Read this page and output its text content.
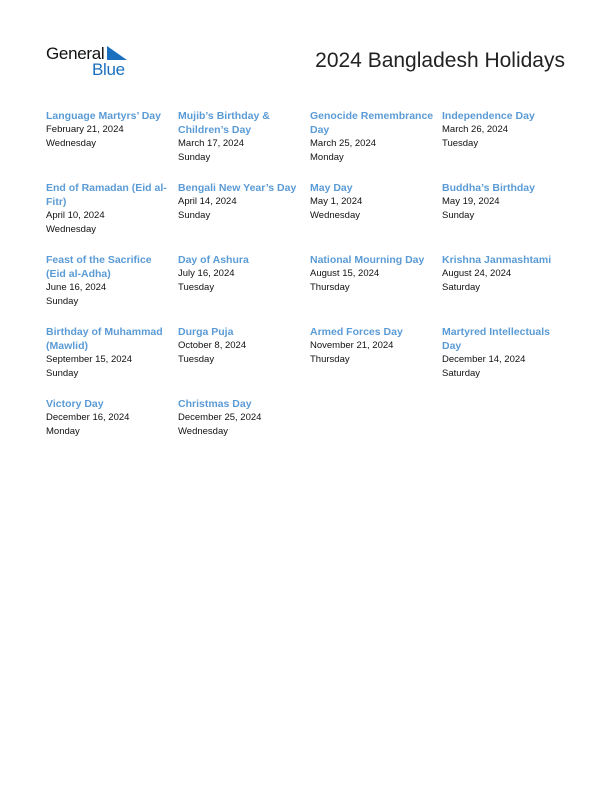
General
Blue	2024 Bangladesh Holidays
Language Martyrs’ Day
February 21, 2024
Wednesday
Mujib’s Birthday & Children’s Day
March 17, 2024
Sunday
Genocide Remembrance Day
March 25, 2024
Monday
Independence Day
March 26, 2024
Tuesday
End of Ramadan (Eid al-Fitr)
April 10, 2024
Wednesday
Bengali New Year’s Day
April 14, 2024
Sunday
May Day
May 1, 2024
Wednesday
Buddha’s Birthday
May 19, 2024
Sunday
Feast of the Sacrifice (Eid al-Adha)
June 16, 2024
Sunday
Day of Ashura
July 16, 2024
Tuesday
National Mourning Day
August 15, 2024
Thursday
Krishna Janmashtami
August 24, 2024
Saturday
Birthday of Muhammad (Mawlid)
September 15, 2024
Sunday
Durga Puja
October 8, 2024
Tuesday
Armed Forces Day
November 21, 2024
Thursday
Martyred Intellectuals Day
December 14, 2024
Saturday
Victory Day
December 16, 2024
Monday
Christmas Day
December 25, 2024
Wednesday
